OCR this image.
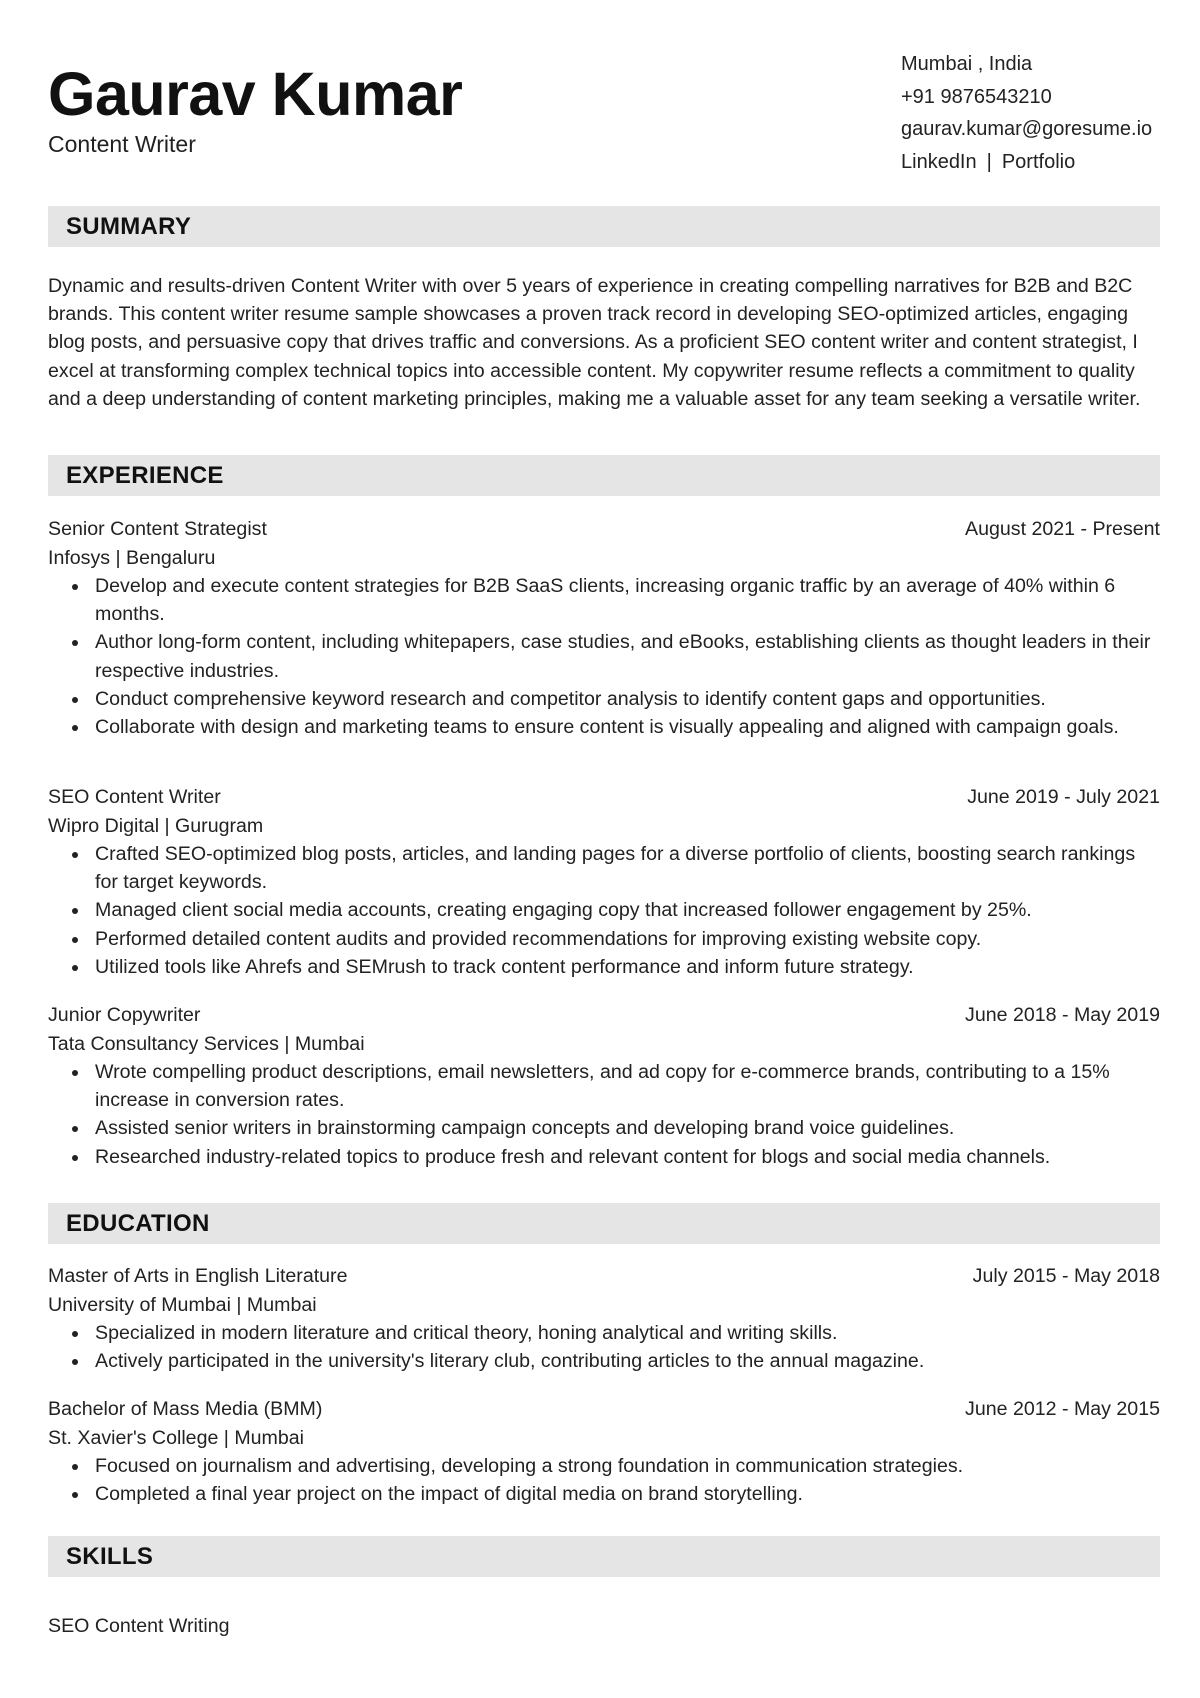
Gaurav Kumar
Content Writer
Mumbai , India
+91 9876543210
gaurav.kumar@goresume.io
LinkedIn | Portfolio
SUMMARY
Dynamic and results-driven Content Writer with over 5 years of experience in creating compelling narratives for B2B and B2C brands. This content writer resume sample showcases a proven track record in developing SEO-optimized articles, engaging blog posts, and persuasive copy that drives traffic and conversions. As a proficient SEO content writer and content strategist, I excel at transforming complex technical topics into accessible content. My copywriter resume reflects a commitment to quality and a deep understanding of content marketing principles, making me a valuable asset for any team seeking a versatile writer.
EXPERIENCE
Senior Content Strategist	August 2021 - Present
Infosys | Bengaluru
Develop and execute content strategies for B2B SaaS clients, increasing organic traffic by an average of 40% within 6 months.
Author long-form content, including whitepapers, case studies, and eBooks, establishing clients as thought leaders in their respective industries.
Conduct comprehensive keyword research and competitor analysis to identify content gaps and opportunities.
Collaborate with design and marketing teams to ensure content is visually appealing and aligned with campaign goals.
SEO Content Writer	June 2019 - July 2021
Wipro Digital | Gurugram
Crafted SEO-optimized blog posts, articles, and landing pages for a diverse portfolio of clients, boosting search rankings for target keywords.
Managed client social media accounts, creating engaging copy that increased follower engagement by 25%.
Performed detailed content audits and provided recommendations for improving existing website copy.
Utilized tools like Ahrefs and SEMrush to track content performance and inform future strategy.
Junior Copywriter	June 2018 - May 2019
Tata Consultancy Services | Mumbai
Wrote compelling product descriptions, email newsletters, and ad copy for e-commerce brands, contributing to a 15% increase in conversion rates.
Assisted senior writers in brainstorming campaign concepts and developing brand voice guidelines.
Researched industry-related topics to produce fresh and relevant content for blogs and social media channels.
EDUCATION
Master of Arts in English Literature	July 2015 - May 2018
University of Mumbai | Mumbai
Specialized in modern literature and critical theory, honing analytical and writing skills.
Actively participated in the university's literary club, contributing articles to the annual magazine.
Bachelor of Mass Media (BMM)	June 2012 - May 2015
St. Xavier's College | Mumbai
Focused on journalism and advertising, developing a strong foundation in communication strategies.
Completed a final year project on the impact of digital media on brand storytelling.
SKILLS
SEO Content Writing
